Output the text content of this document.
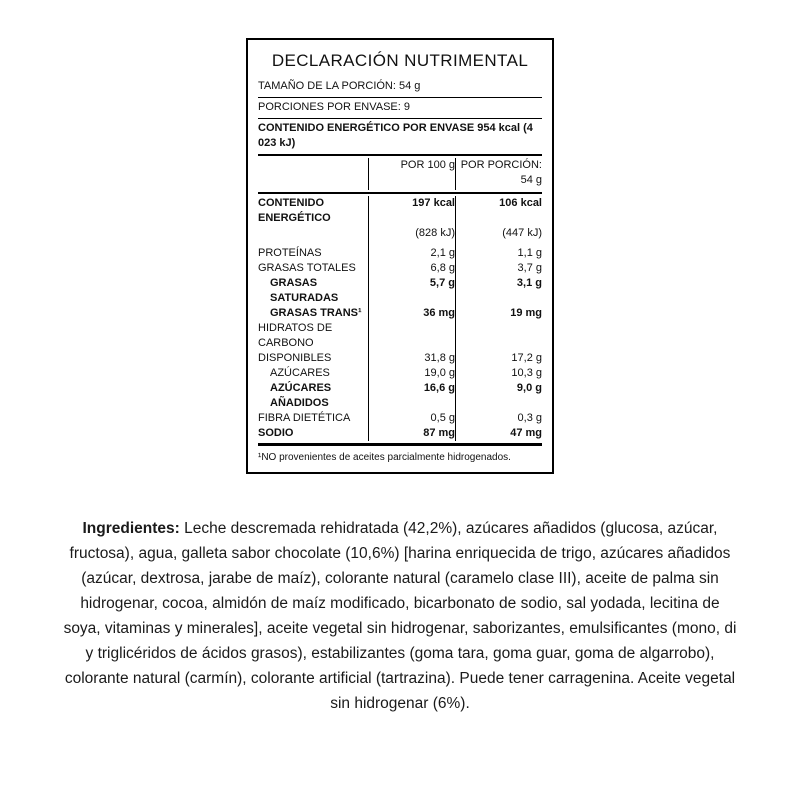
DECLARACIÓN NUTRIMENTAL
TAMAÑO DE LA PORCIÓN: 54 g
PORCIONES POR ENVASE: 9
CONTENIDO ENERGÉTICO POR ENVASE 954 kcal (4 023 kJ)
	POR 100 g	POR PORCIÓN: 54 g
CONTENIDO ENERGÉTICO	197 kcal	106 kcal
	(828 kJ)	(447 kJ)

PROTEÍNAS	2,1 g	1,1 g
GRASAS TOTALES	6,8 g	3,7 g
GRASAS SATURADAS	5,7 g	3,1 g
GRASAS TRANS¹	36 mg	19 mg
HIDRATOS DE CARBONO		
DISPONIBLES	31,8 g	17,2 g
AZÚCARES	19,0 g	10,3 g
AZÚCARES AÑADIDOS	16,6 g	9,0 g
FIBRA DIETÉTICA	0,5 g	0,3 g
SODIO	87 mg	47 mg
¹NO provenientes de aceites parcialmente hidrogenados.
Ingredientes: Leche descremada rehidratada (42,2%), azúcares añadidos (glucosa, azúcar, fructosa), agua, galleta sabor chocolate (10,6%) [harina enriquecida de trigo, azúcares añadidos (azúcar, dextrosa, jarabe de maíz), colorante natural (caramelo clase III), aceite de palma sin hidrogenar, cocoa, almidón de maíz modificado, bicarbonato de sodio, sal yodada, lecitina de soya, vitaminas y minerales], aceite vegetal sin hidrogenar, saborizantes, emulsificantes (mono, di y triglicéridos de ácidos grasos), estabilizantes (goma tara, goma guar, goma de algarrobo), colorante natural (carmín), colorante artificial (tartrazina). Puede tener carragenina. Aceite vegetal sin hidrogenar (6%).
